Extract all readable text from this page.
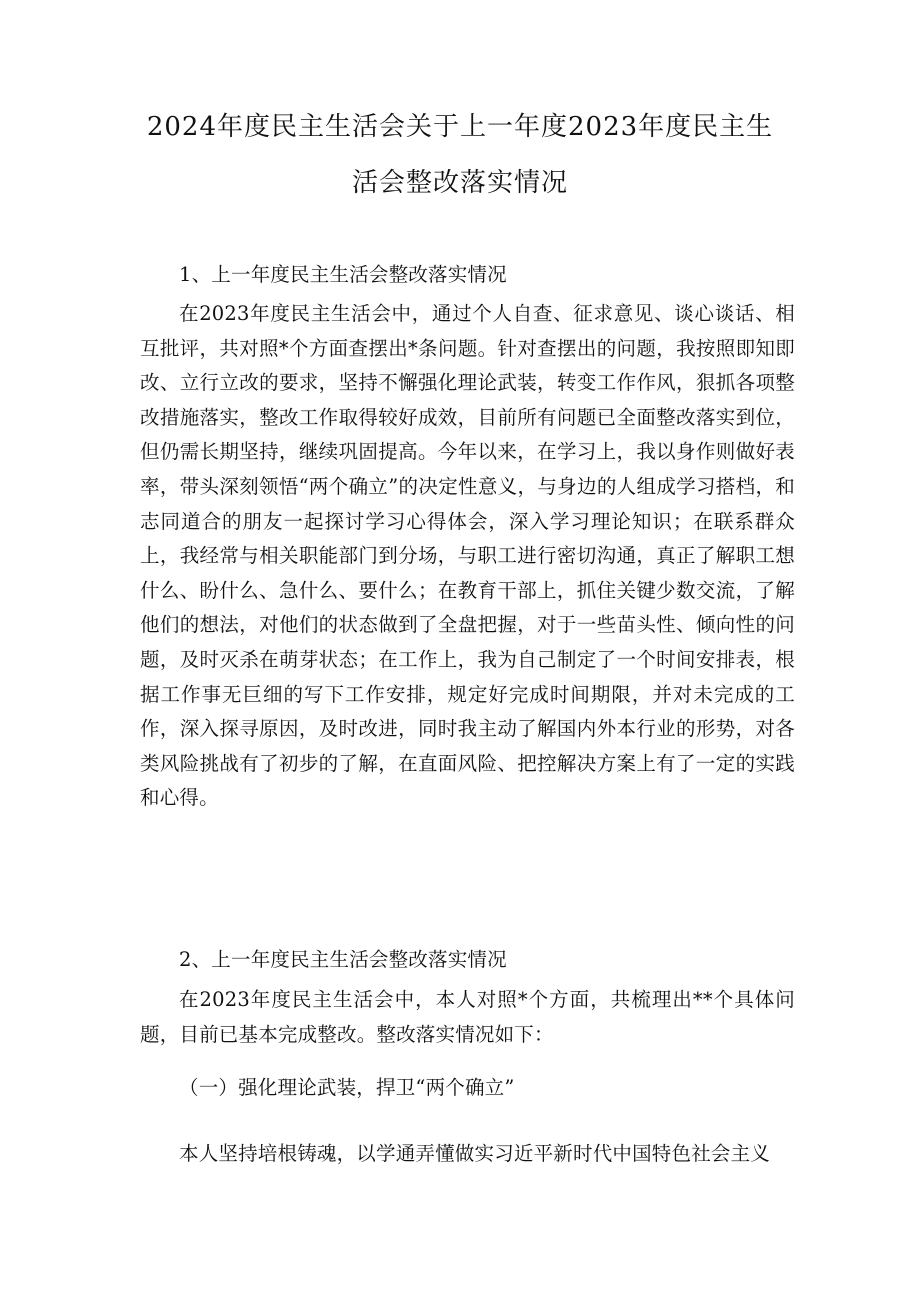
2024年度民主生活会关于上一年度2023年度民主生
活会整改落实情况
1、上一年度民主生活会整改落实情况
在2023年度民主生活会中，通过个人自查、征求意见、谈心谈话、相互批评，共对照*个方面查摆出*条问题。针对查摆出的问题，我按照即知即改、立行立改的要求，坚持不懈强化理论武装，转变工作作风，狠抓各项整改措施落实，整改工作取得较好成效，目前所有问题已全面整改落实到位，但仍需长期坚持，继续巩固提高。今年以来，在学习上，我以身作则做好表率，带头深刻领悟“两个确立”的决定性意义，与身边的人组成学习搭档，和志同道合的朋友一起探讨学习心得体会，深入学习理论知识；在联系群众上，我经常与相关职能部门到分场，与职工进行密切沟通，真正了解职工想什么、盼什么、急什么、要什么；在教育干部上，抓住关键少数交流，了解他们的想法，对他们的状态做到了全盘把握，对于一些苗头性、倾向性的问题，及时灭杀在萌芽状态；在工作上，我为自己制定了一个时间安排表，根据工作事无巨细的写下工作安排，规定好完成时间期限，并对未完成的工作，深入探寻原因，及时改进，同时我主动了解国内外本行业的形势，对各类风险挑战有了初步的了解，在直面风险、把控解决方案上有了一定的实践和心得。
2、上一年度民主生活会整改落实情况
在2023年度民主生活会中，本人对照*个方面，共梳理出**个具体问题，目前已基本完成整改。整改落实情况如下：
（一）强化理论武装，捍卫“两个确立”
本人坚持培根铸魂，以学通弄懂做实习近平新时代中国特色社会主义
